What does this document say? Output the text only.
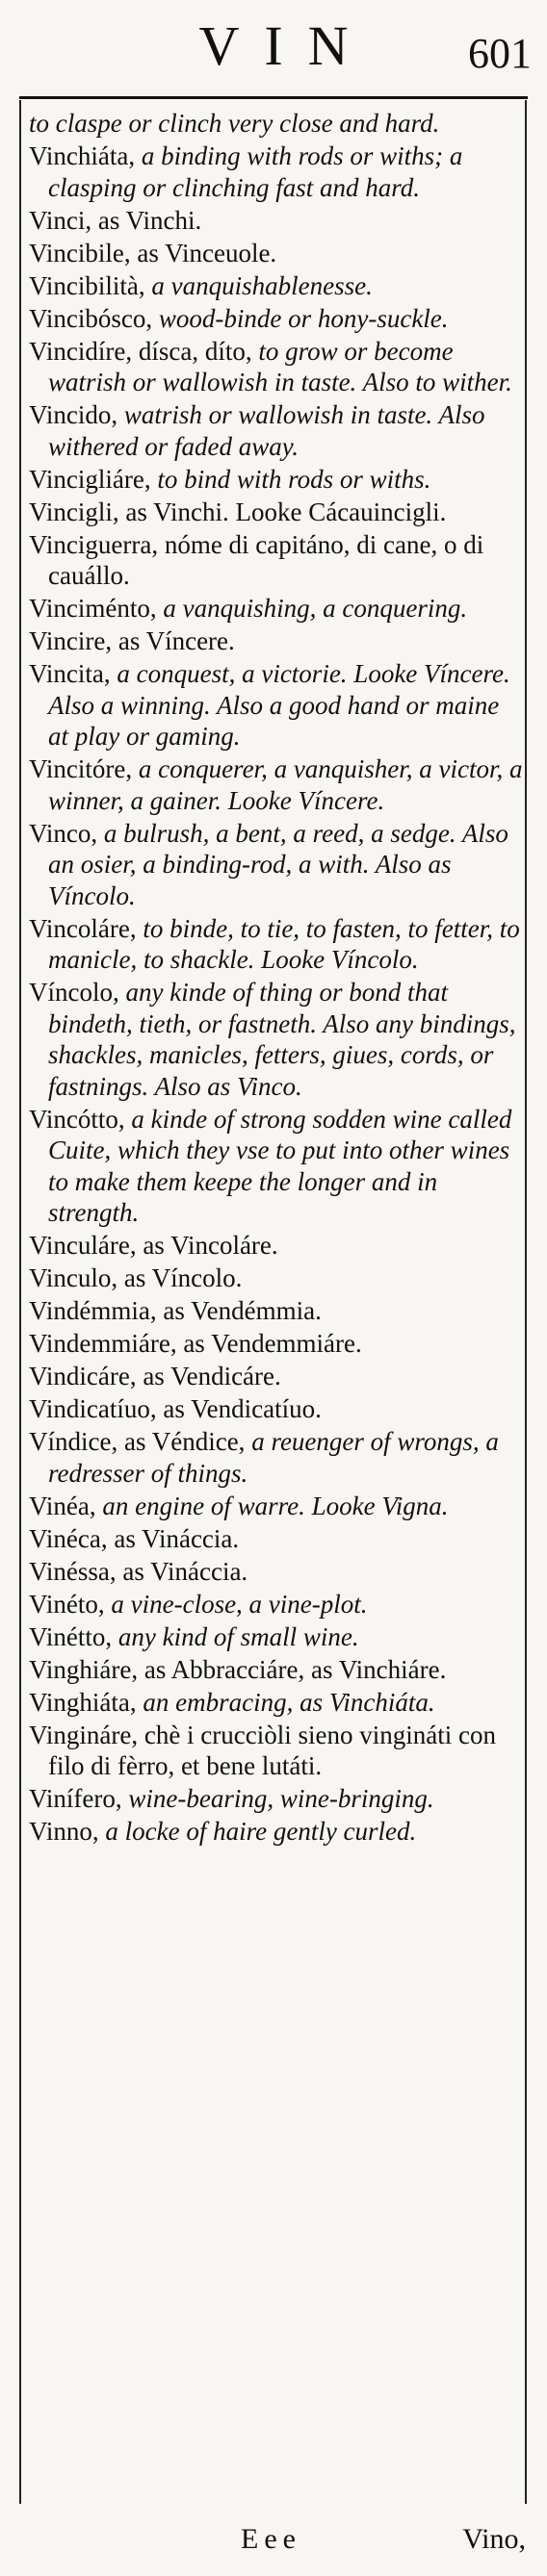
VIN	601
to claspe or clinch very close and hard.
Vinchiáta, a binding with rods or withs; a clasping or clinching fast and hard.
Vinci, as Vinchi.
Vincibile, as Vinceuole.
Vincibilità, a vanquishablenesse.
Vincibósco, wood-binde or hony-suckle.
Vincidíre, dísca, díto, to grow or become watrish or wallowish in taste. Also to wither.
Vincido, watrish or wallowish in taste. Also withered or faded away.
Vincigliáre, to bind with rods or withs.
Vincigli, as Vinchi. Looke Cácauincigli.
Vinciguerra, nóme di capitáno, di cane, o di cauállo.
Vinciménto, a vanquishing, a conquering.
Vincire, as Víncere.
Vincita, a conquest, a victorie. Looke Víncere. Also a winning. Also a good hand or maine at play or gaming.
Vincitóre, a conquerer, a vanquisher, a victor, a winner, a gainer. Looke Víncere.
Vinco, a bulrush, a bent, a reed, a sedge. Also an osier, a binding-rod, a with. Also as Víncolo.
Vincoláre, to binde, to tie, to fasten, to fetter, to manicle, to shackle. Looke Víncolo.
Víncolo, any kinde of thing or bond that bindeth, tieth, or fastneth. Also any bindings, shackles, manicles, fetters, giues, cords, or fastnings. Also as Vinco.
Vincótto, a kinde of strong sodden wine called Cuite, which they vse to put into other wines to make them keepe the longer and in strength.
Vinculáre, as Vincoláre.
Vinculo, as Víncolo.
Vindémmia, as Vendémmia.
Vindemmiáre, as Vendemmiáre.
Vindicáre, as Vendicáre.
Vindicatíuo, as Vendicatíuo.
Víndice, as Véndice, a reuenger of wrongs, a redresser of things.
Vinéa, an engine of warre. Looke Vigna.
Vinéca, as Vináccia.
Vinéssa, as Vináccia.
Vinéto, a vine-close, a vine-plot.
Vinétto, any kind of small wine.
Vinghiáre, as Abbracciáre, as Vinchiáre.
Vinghiáta, an embracing, as Vinchiáta.
Vingináre, chè i crucciòli sieno vingináti con filo di fèrro, et bene lutáti.
Vinífero, wine-bearing, wine-bringing.
Vinno, a locke of haire gently curled.
Eee	Vino,
